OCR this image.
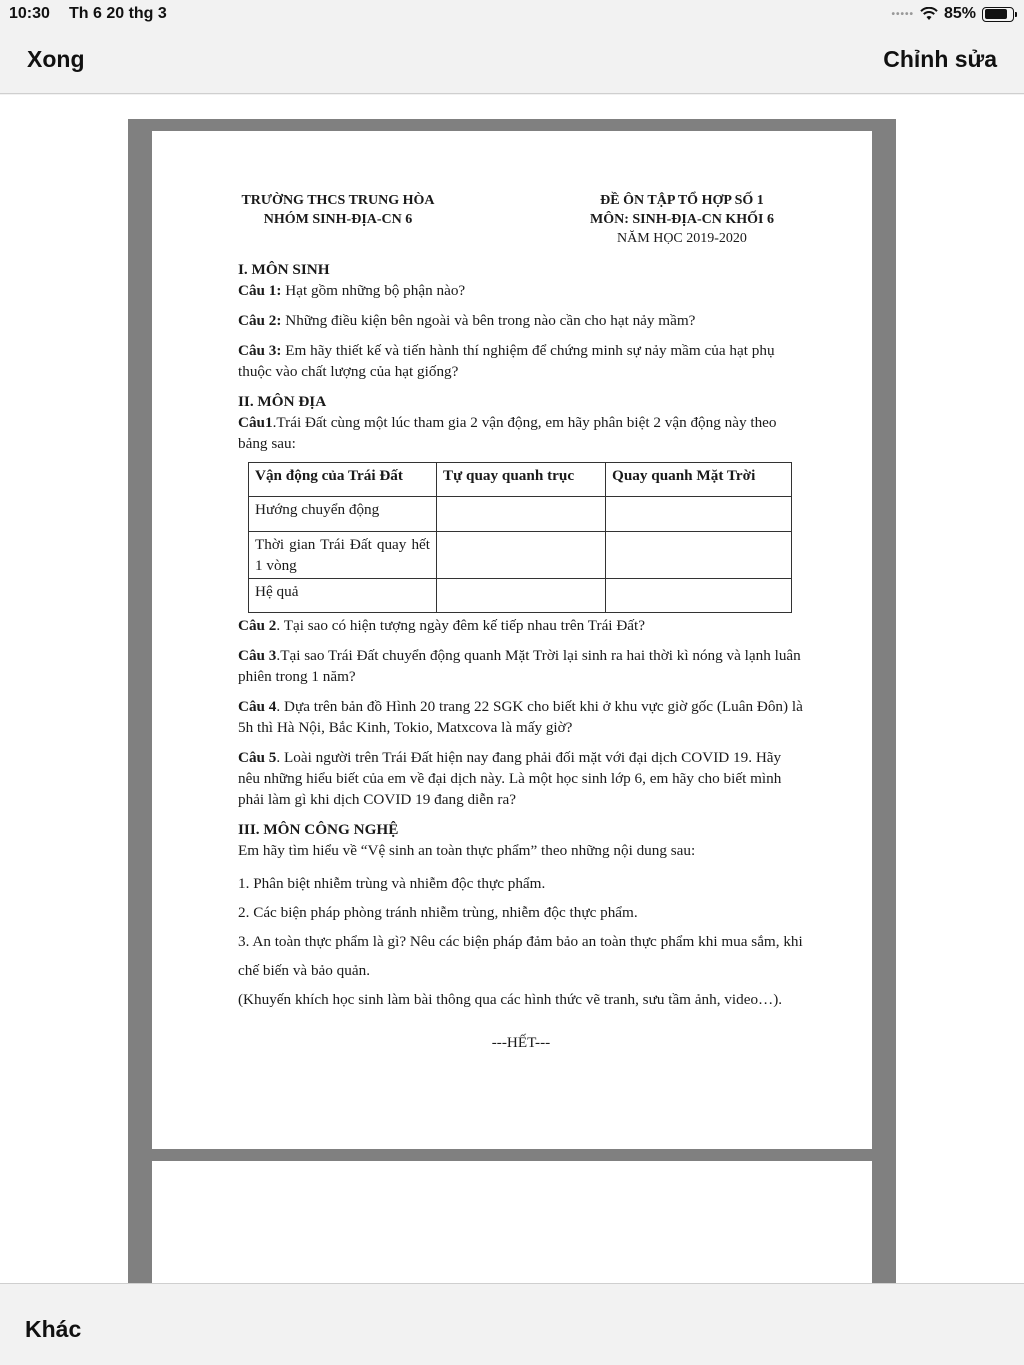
10:30 Th 6 20 thg 3	••••• 85%
Xong	Chỉnh sửa
TRƯỜNG THCS TRUNG HÒA
NHÓM SINH-ĐỊA-CN 6
ĐỀ ÔN TẬP TỔ HỢP SỐ 1
MÔN: SINH-ĐỊA-CN KHỐI 6
NĂM HỌC 2019-2020
I. MÔN SINH

Câu 1: Hạt gồm những bộ phận nào?

Câu 2: Những điều kiện bên ngoài và bên trong nào cần cho hạt nảy mầm?

Câu 3: Em hãy thiết kế và tiến hành thí nghiệm để chứng minh sự nảy mầm của hạt phụ thuộc vào chất lượng của hạt giống?

II. MÔN ĐỊA

Câu1.Trái Đất cùng một lúc tham gia 2 vận động, em hãy phân biệt 2 vận động này theo bảng sau:

Vận động của Trái Đất	Tự quay quanh trục	Quay quanh Mặt Trời
Hướng chuyển động		
Thời gian Trái Đất quay hết 1 vòng		
Hệ quả		

Câu 2. Tại sao có hiện tượng ngày đêm kế tiếp nhau trên Trái Đất?

Câu 3.Tại sao Trái Đất chuyển động quanh Mặt Trời lại sinh ra hai thời kì nóng và lạnh luân phiên trong 1 năm?

Câu 4. Dựa trên bản đồ Hình 20 trang 22 SGK cho biết khi ở khu vực giờ gốc (Luân Đôn) là 5h thì Hà Nội, Bắc Kinh, Tokio, Matxcova là mấy giờ?

Câu 5. Loài người trên Trái Đất hiện nay đang phải đối mặt với đại dịch COVID 19. Hãy nêu những hiểu biết của em về đại dịch này. Là một học sinh lớp 6, em hãy cho biết mình phải làm gì khi dịch COVID 19 đang diễn ra?

III. MÔN CÔNG NGHỆ

Em hãy tìm hiểu về “Vệ sinh an toàn thực phẩm” theo những nội dung sau:

1. Phân biệt nhiễm trùng và nhiễm độc thực phẩm.

2. Các biện pháp phòng tránh nhiễm trùng, nhiễm độc thực phẩm.

3. An toàn thực phẩm là gì? Nêu các biện pháp đảm bảo an toàn thực phẩm khi mua sắm, khi chế biến và bảo quản.

(Khuyến khích học sinh làm bài thông qua các hình thức vẽ tranh, sưu tầm ảnh, video…).

---HẾT---
Khác
